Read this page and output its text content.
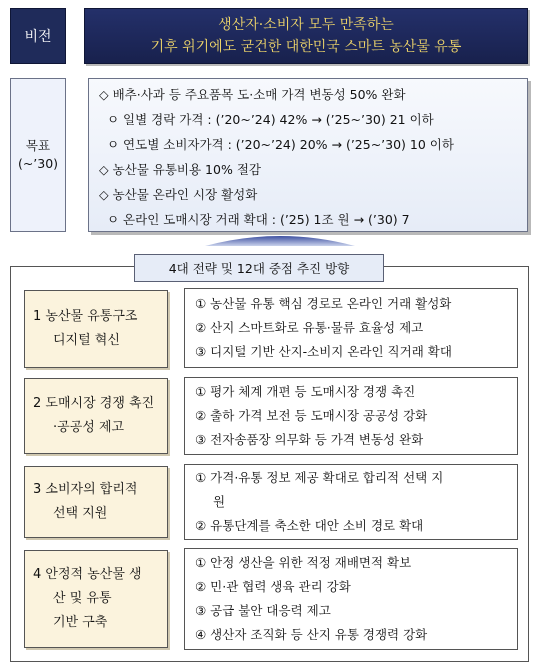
비전
생산자·소비자 모두 만족하는
기후 위기에도 굳건한 대한민국 스마트 농산물 유통
목표
(~’30)
◇ 배추·사과 등 주요품목 도·소매 가격 변동성 50% 완화
ㅇ 일별 경락 가격 : (’20~’24) 42% → (’25~’30) 21 이하
ㅇ 연도별 소비자가격 : (’20~’24) 20% → (’25~’30) 10 이하
◇ 농산물 유통비용 10% 절감
◇ 농산물 온라인 시장 활성화
ㅇ 온라인 도매시장 거래 확대 : (’25) 1조 원 → (’30) 7
4대 전략 및 12대 중점 추진 방향
1 농산물 유통구조
디지털 혁신
① 농산물 유통 핵심 경로로 온라인 거래 활성화
② 산지 스마트화로 유통·물류 효율성 제고
③ 디지털 기반 산지-소비지 온라인 직거래 확대
2 도매시장 경쟁 촉진
·공공성 제고
① 평가 체계 개편 등 도매시장 경쟁 촉진
② 출하 가격 보전 등 도매시장 공공성 강화
③ 전자송품장 의무화 등 가격 변동성 완화
3 소비자의 합리적
선택 지원
① 가격·유통 정보 제공 확대로 합리적 선택 지
원
② 유통단계를 축소한 대안 소비 경로 확대
4 안정적 농산물 생
산 및 유통
기반 구축
① 안정 생산을 위한 적정 재배면적 확보
② 민·관 협력 생육 관리 강화
③ 공급 불안 대응력 제고
④ 생산자 조직화 등 산지 유통 경쟁력 강화
